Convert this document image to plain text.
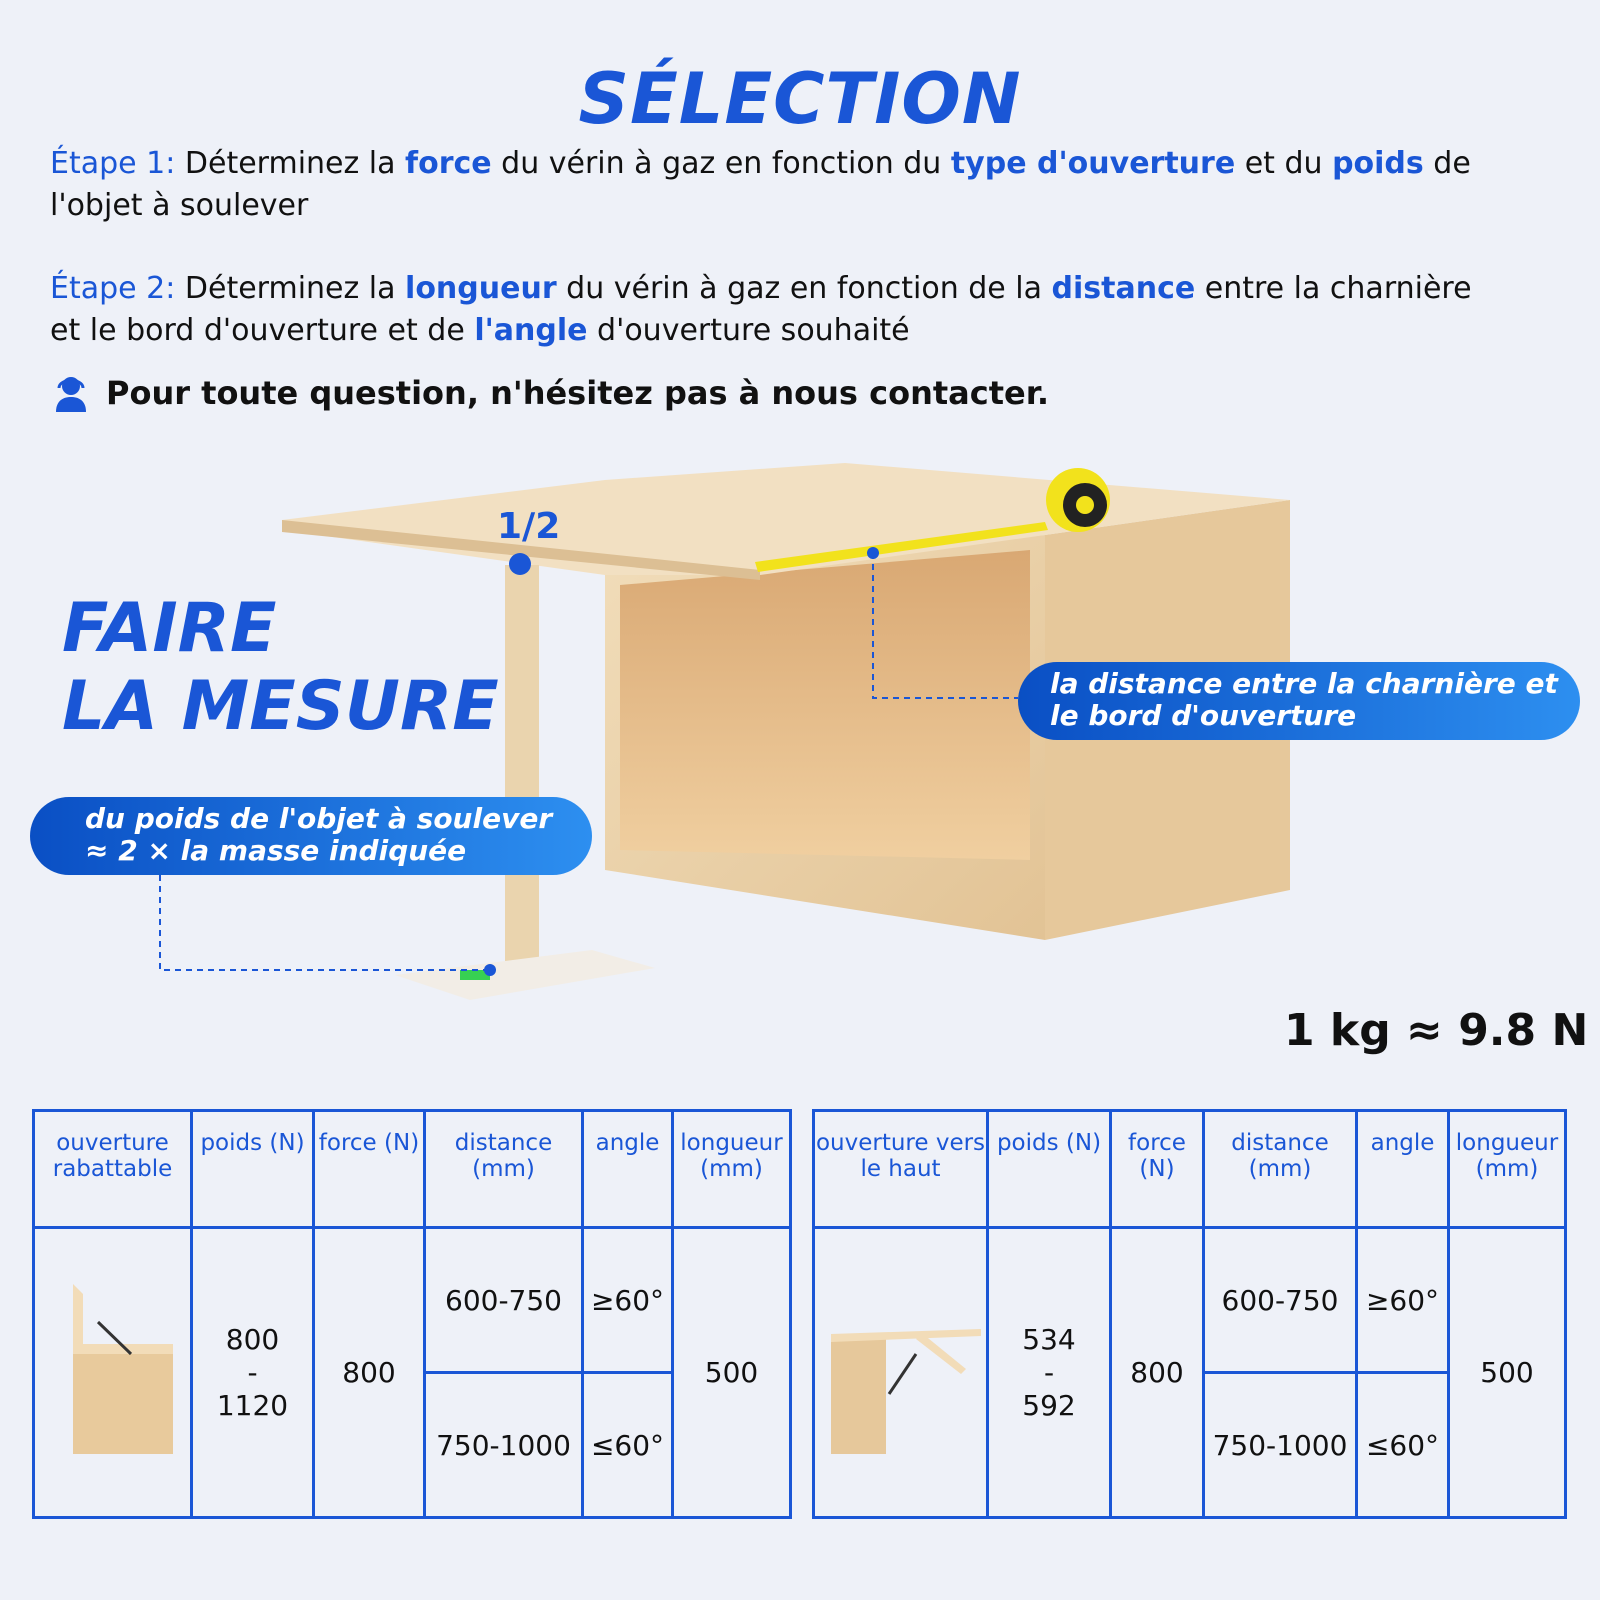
SÉLECTION
Étape 1: Déterminez la force du vérin à gaz en fonction du type d'ouverture et du poids de l'objet à soulever
Étape 2: Déterminez la longueur du vérin à gaz en fonction de la distance entre la charnière et le bord d'ouverture et de l'angle d'ouverture souhaité
Pour toute question, n'hésitez pas à nous contacter.
1/2
FAIRE
LA MESURE	la distance entre la charnière et
le bord d'ouverture
du poids de l'objet à soulever
≈ 2 × la masse indiquée
1 kg ≈ 9.8 N
ouverture rabattable	poids (N)	force (N)	distance (mm)	angle	longueur (mm)

800
-
1120	800	600-750	≥60°	500
			750-1000	≤60°	
ouverture vers le haut	poids (N)	force (N)	distance (mm)	angle	longueur (mm)

534
-
592	800	600-750	≥60°	500
			750-1000	≤60°	
